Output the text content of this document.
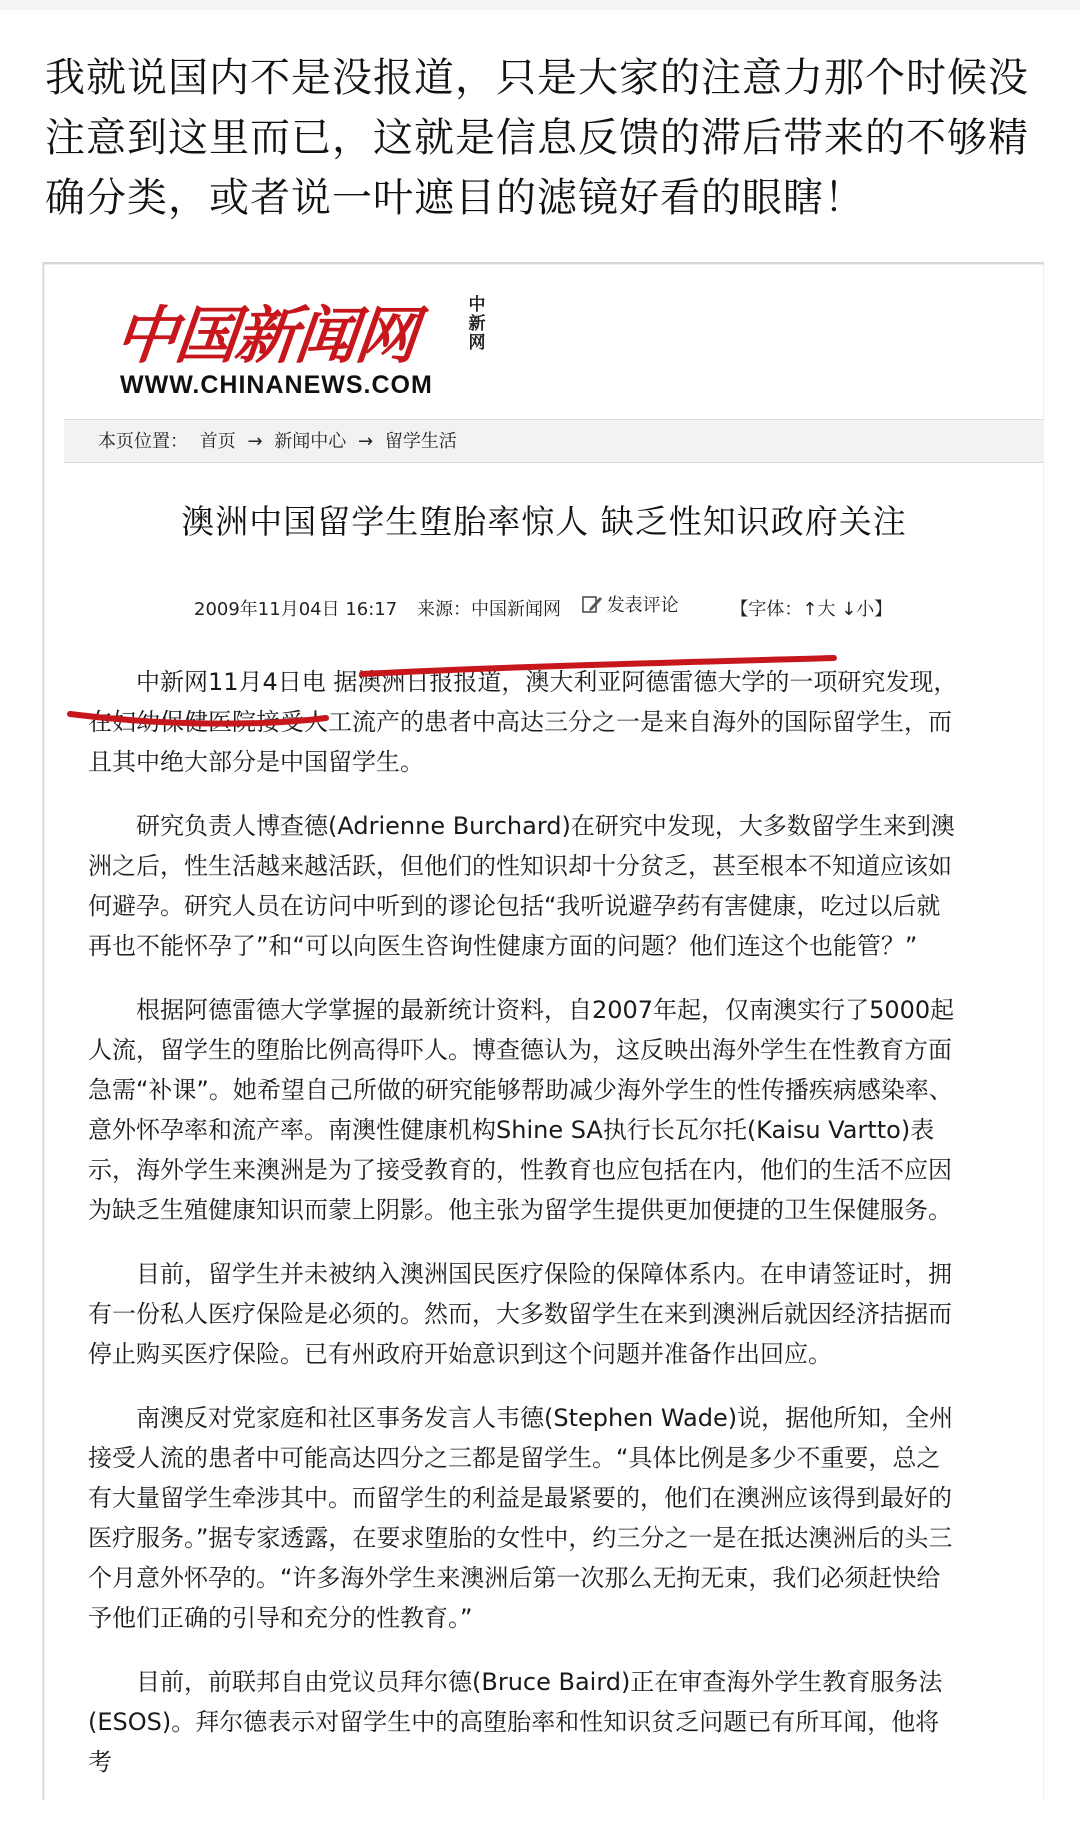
我就说国内不是没报道，只是大家的注意力那个时候没注意到这里而已，这就是信息反馈的滞后带来的不够精确分类，或者说一叶遮目的滤镜好看的眼瞎！
中国新闻网	中新网
WWW.CHINANEWS.COM
本页位置： 首页 → 新闻中心 → 留学生活
澳洲中国留学生堕胎率惊人 缺乏性知识政府关注
2009年11月04日 16:17 来源：中国新闻网	发表评论	【字体：↑大 ↓小】

中新网11月4日电 据澳洲日报报道，澳大利亚阿德雷德大学的一项研究发现，在妇幼保健医院接受人工流产的患者中高达三分之一是来自海外的国际留学生，而且其中绝大部分是中国留学生。

研究负责人博查德(Adrienne Burchard)在研究中发现，大多数留学生来到澳洲之后，性生活越来越活跃，但他们的性知识却十分贫乏，甚至根本不知道应该如何避孕。研究人员在访问中听到的谬论包括“我听说避孕药有害健康，吃过以后就再也不能怀孕了”和“可以向医生咨询性健康方面的问题？他们连这个也能管？”

根据阿德雷德大学掌握的最新统计资料，自2007年起，仅南澳实行了5000起人流，留学生的堕胎比例高得吓人。博查德认为，这反映出海外学生在性教育方面急需“补课”。她希望自己所做的研究能够帮助减少海外学生的性传播疾病感染率、意外怀孕率和流产率。南澳性健康机构Shine SA执行长瓦尔托(Kaisu Vartto)表示，海外学生来澳洲是为了接受教育的，性教育也应包括在内，他们的生活不应因为缺乏生殖健康知识而蒙上阴影。他主张为留学生提供更加便捷的卫生保健服务。

目前，留学生并未被纳入澳洲国民医疗保险的保障体系内。在申请签证时，拥有一份私人医疗保险是必须的。然而，大多数留学生在来到澳洲后就因经济拮据而停止购买医疗保险。已有州政府开始意识到这个问题并准备作出回应。

南澳反对党家庭和社区事务发言人韦德(Stephen Wade)说，据他所知，全州接受人流的患者中可能高达四分之三都是留学生。“具体比例是多少不重要，总之有大量留学生牵涉其中。而留学生的利益是最紧要的，他们在澳洲应该得到最好的医疗服务。”据专家透露，在要求堕胎的女性中，约三分之一是在抵达澳洲后的头三个月意外怀孕的。“许多海外学生来澳洲后第一次那么无拘无束，我们必须赶快给予他们正确的引导和充分的性教育。”

目前，前联邦自由党议员拜尔德(Bruce Baird)正在审查海外学生教育服务法(ESOS)。拜尔德表示对留学生中的高堕胎率和性知识贫乏问题已有所耳闻，他将考
